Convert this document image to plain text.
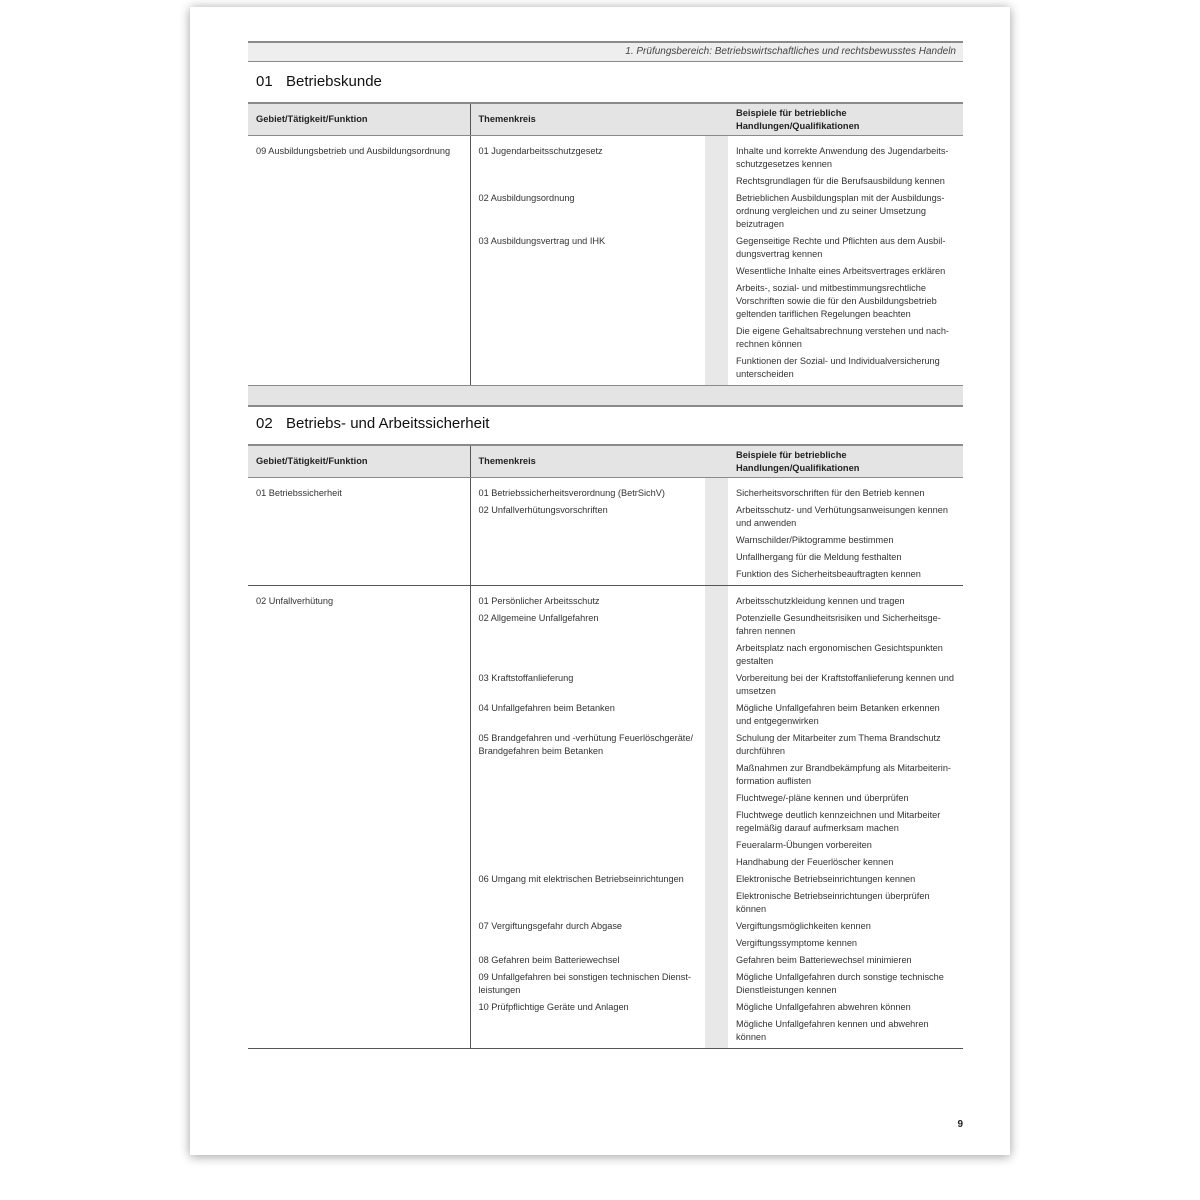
1. Prüfungsbereich: Betriebswirtschaftliches und rechtsbewusstes Handeln
01 Betriebskunde
Gebiet/Tätigkeit/Funktion	Themenkreis		Beispiele für betriebliche Handlungen/Qualifikationen
09 Ausbildungsbetrieb und Ausbildungsordnung	01 Jugendarbeitsschutzgesetz		Inhalte und korrekte Anwendung des Jugendarbeits-schutzgesetzes kennen
			Rechtsgrundlagen für die Berufsausbildung kennen
	02 Ausbildungsordnung		Betrieblichen Ausbildungsplan mit der Ausbildungs-ordnung vergleichen und zu seiner Umsetzung beizutragen
	03 Ausbildungsvertrag und IHK		Gegenseitige Rechte und Pflichten aus dem Ausbil-dungsvertrag kennen
			Wesentliche Inhalte eines Arbeitsvertrages erklären
			Arbeits-, sozial- und mitbestimmungsrechtliche Vorschriften sowie die für den Ausbildungsbetrieb geltenden tariflichen Regelungen beachten
			Die eigene Gehaltsabrechnung verstehen und nach-rechnen können
			Funktionen der Sozial- und Individualversicherung unterscheiden
02 Betriebs- und Arbeitssicherheit
Gebiet/Tätigkeit/Funktion	Themenkreis		Beispiele für betriebliche Handlungen/Qualifikationen
01 Betriebssicherheit	01 Betriebssicherheitsverordnung (BetrSichV)		Sicherheitsvorschriften für den Betrieb kennen
	02 Unfallverhütungsvorschriften		Arbeitsschutz- und Verhütungsanweisungen kennen und anwenden
			Warnschilder/Piktogramme bestimmen
			Unfallhergang für die Meldung festhalten
			Funktion des Sicherheitsbeauftragten kennen
02 Unfallverhütung	01 Persönlicher Arbeitsschutz		Arbeitsschutzkleidung kennen und tragen
	02 Allgemeine Unfallgefahren		Potenzielle Gesundheitsrisiken und Sicherheitsge-fahren nennen
			Arbeitsplatz nach ergonomischen Gesichtspunkten gestalten
	03 Kraftstoffanlieferung		Vorbereitung bei der Kraftstoffanlieferung kennen und umsetzen
	04 Unfallgefahren beim Betanken		Mögliche Unfallgefahren beim Betanken erkennen und entgegenwirken
	05 Brandgefahren und -verhütung Feuerlöschgeräte/ Brandgefahren beim Betanken		Schulung der Mitarbeiter zum Thema Brandschutz durchführen
			Maßnahmen zur Brandbekämpfung als Mitarbeiterin-formation auflisten
			Fluchtwege/-pläne kennen und überprüfen
			Fluchtwege deutlich kennzeichnen und Mitarbeiter regelmäßig darauf aufmerksam machen
			Feueralarm-Übungen vorbereiten
			Handhabung der Feuerlöscher kennen
	06 Umgang mit elektrischen Betriebseinrichtungen		Elektronische Betriebseinrichtungen kennen
			Elektronische Betriebseinrichtungen überprüfen können
	07 Vergiftungsgefahr durch Abgase		Vergiftungsmöglichkeiten kennen
			Vergiftungssymptome kennen
	08 Gefahren beim Batteriewechsel		Gefahren beim Batteriewechsel minimieren
	09 Unfallgefahren bei sonstigen technischen Dienst-leistungen		Mögliche Unfallgefahren durch sonstige technische Dienstleistungen kennen
	10 Prüfpflichtige Geräte und Anlagen		Mögliche Unfallgefahren abwehren können
			Mögliche Unfallgefahren kennen und abwehren können
9
